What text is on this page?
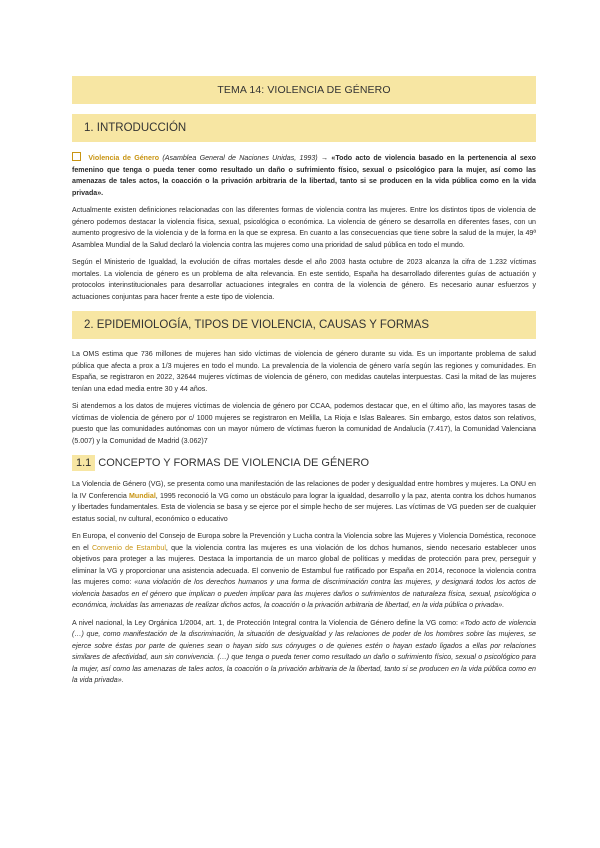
TEMA 14: VIOLENCIA DE GÉNERO
1. INTRODUCCIÓN

Violencia de Género (Asamblea General de Naciones Unidas, 1993) → «Todo acto de violencia basado en la pertenencia al sexo femenino que tenga o pueda tener como resultado un daño o sufrimiento físico, sexual o psicológico para la mujer, así como las amenazas de tales actos, la coacción o la privación arbitraria de la libertad, tanto si se producen en la vida pública como en la vida privada».

Actualmente existen definiciones relacionadas con las diferentes formas de violencia contra las mujeres. Entre los distintos tipos de violencia de género podemos destacar la violencia física, sexual, psicológica o económica. La violencia de género se desarrolla en diferentes fases, con un aumento progresivo de la violencia y de la forma en la que se expresa. En cuanto a las consecuencias que tiene sobre la salud de la mujer, la 49ª Asamblea Mundial de la Salud declaró la violencia contra las mujeres como una prioridad de salud pública en todo el mundo.

Según el Ministerio de Igualdad, la evolución de cifras mortales desde el año 2003 hasta octubre de 2023 alcanza la cifra de 1.232 víctimas mortales. La violencia de género es un problema de alta relevancia. En este sentido, España ha desarrollado diferentes guías de actuación y protocolos interinstitucionales para desarrollar actuaciones integrales en contra de la violencia de género. Es necesario aunar esfuerzos y actuaciones conjuntas para hacer frente a este tipo de violencia.

2. EPIDEMIOLOGÍA, TIPOS DE VIOLENCIA, CAUSAS Y FORMAS

La OMS estima que 736 millones de mujeres han sido víctimas de violencia de género durante su vida. Es un importante problema de salud pública que afecta a prox a 1/3 mujeres en todo el mundo. La prevalencia de la violencia de género varía según las regiones y comunidades. En España, se registraron en 2022, 32644 mujeres víctimas de violencia de género, con medidas cautelas interpuestas. Casi la mitad de las mujeres tenían una edad media entre 30 y 44 años.

Si atendemos a los datos de mujeres víctimas de violencia de género por CCAA, podemos destacar que, en el último año, las mayores tasas de víctimas de violencia de género por c/ 1000 mujeres se registraron en Melilla, La Rioja e Islas Baleares. Sin embargo, estos datos son relativos, puesto que las comunidades autónomas con un mayor número de víctimas fueron la comunidad de Andalucía (7.417), la Comunidad Valenciana (5.007) y la Comunidad de Madrid (3.062)7

1.1 CONCEPTO Y FORMAS DE VIOLENCIA DE GÉNERO

La Violencia de Género (VG), se presenta como una manifestación de las relaciones de poder y desigualdad entre hombres y mujeres. La ONU en la IV Conferencia Mundial, 1995 reconoció la VG como un obstáculo para lograr la igualdad, desarrollo y la paz, atenta contra los dchos humanos y libertades fundamentales. Esta de violencia se basa y se ejerce por el simple hecho de ser mujeres. Las víctimas de VG pueden ser de cualquier estatus social, nv cultural, económico o educativo

En Europa, el convenio del Consejo de Europa sobre la Prevención y Lucha contra la Violencia sobre las Mujeres y Violencia Doméstica, reconoce en el Convenio de Estambul, que la violencia contra las mujeres es una violación de los dchos humanos, siendo necesario establecer unos objetivos para proteger a las mujeres. Destaca la importancia de un marco global de políticas y medidas de protección para prev, perseguir y eliminar la VG y proporcionar una asistencia adecuada. El convenio de Estambul fue ratificado por España en 2014, reconoce la violencia contra las mujeres como: «una violación de los derechos humanos y una forma de discriminación contra las mujeres, y designará todos los actos de violencia basados en el género que implican o pueden implicar para las mujeres daños o sufrimientos de naturaleza física, sexual, psicológica o económica, incluidas las amenazas de realizar dichos actos, la coacción o la privación arbitraria de libertad, en la vida pública o privada».

A nivel nacional, la Ley Orgánica 1/2004, art. 1, de Protección Integral contra la Violencia de Género define la VG como: «Todo acto de violencia (…) que, como manifestación de la discriminación, la situación de desigualdad y las relaciones de poder de los hombres sobre las mujeres, se ejerce sobre éstas por parte de quienes sean o hayan sido sus cónyuges o de quienes estén o hayan estado ligados a ellas por relaciones similares de afectividad, aun sin convivencia. (…) que tenga o pueda tener como resultado un daño o sufrimiento físico, sexual o psicológico para la mujer, así como las amenazas de tales actos, la coacción o la privación arbitraria de la libertad, tanto si se producen en la vida pública como en la vida privada».
